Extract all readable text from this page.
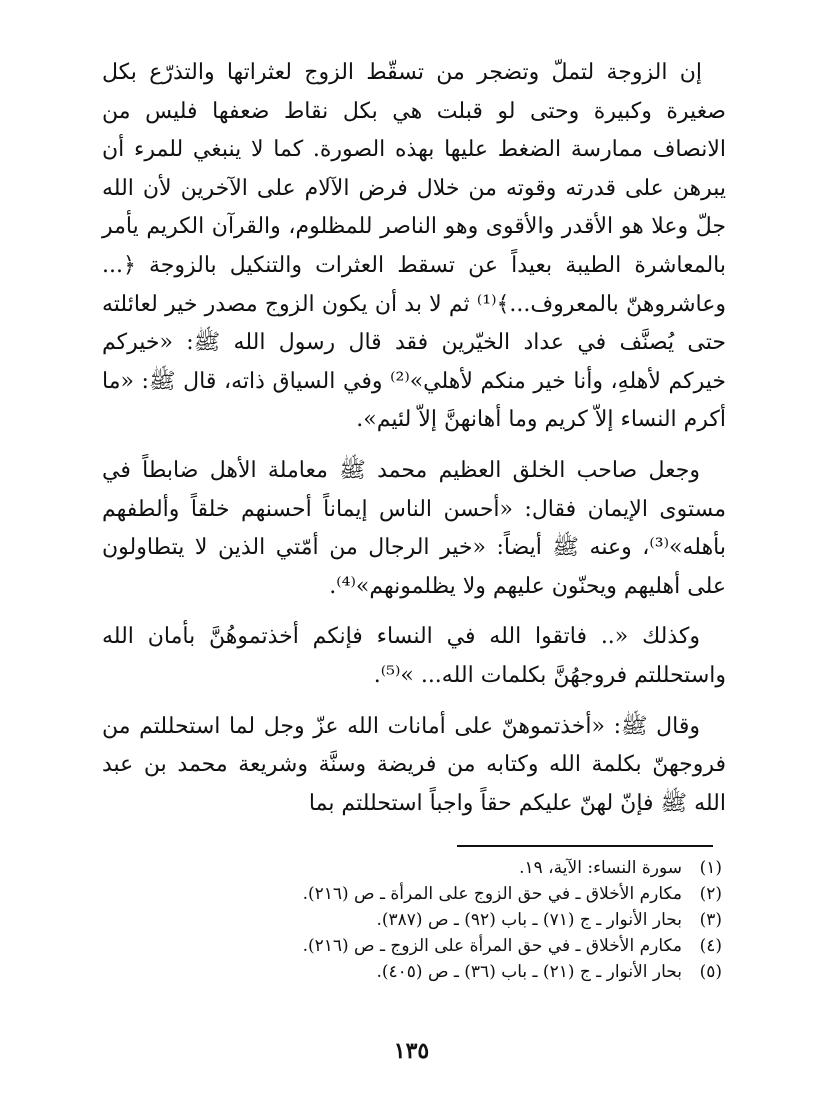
إن الزوجة لتملّ وتضجر من تسقّط الزوج لعثراتها والتذرّع بكل صغيرة وكبيرة وحتى لو قبلت هي بكل نقاط ضعفها فليس من الانصاف ممارسة الضغط عليها بهذه الصورة. كما لا ينبغي للمرء أن يبرهن على قدرته وقوته من خلال فرض الآلام على الآخرين لأن الله جلّ وعلا هو الأقدر والأقوى وهو الناصر للمظلوم، والقرآن الكريم يأمر بالمعاشرة الطيبة بعيداً عن تسقط العثرات والتنكيل بالزوجة ﴿... وعاشروهنّ بالمعروف...﴾⁽¹⁾ ثم لا بد أن يكون الزوج مصدر خير لعائلته حتى يُصنَّف في عداد الخيّرين فقد قال رسول الله ﷺ: «خيركم خيركم لأهلهِ، وأنا خير منكم لأهلي»⁽²⁾ وفي السياق ذاته، قال ﷺ: «ما أكرم النساء إلاّ كريم وما أهانهنَّ إلاّ لئيم».

وجعل صاحب الخلق العظيم محمد ﷺ معاملة الأهل ضابطاً في مستوى الإيمان فقال: «أحسن الناس إيماناً أحسنهم خلقاً وألطفهم بأهله»⁽³⁾، وعنه ﷺ أيضاً: «خير الرجال من أمّتي الذين لا يتطاولون على أهليهم ويحنّون عليهم ولا يظلمونهم»⁽⁴⁾.

وكذلك «.. فاتقوا الله في النساء فإنكم أخذتموهُنَّ بأمان الله واستحللتم فروجهُنَّ بكلمات الله... »⁽⁵⁾.

وقال ﷺ: «أخذتموهنّ على أمانات الله عزّ وجل لما استحللتم من فروجهنّ بكلمة الله وكتابه من فريضة وسنَّة وشريعة محمد بن عبد الله ﷺ فإنّ لهنّ عليكم حقاً واجباً استحللتم بما

(١)
سورة النساء: الآية، ١٩.
(٢)
مكارم الأخلاق ـ في حق الزوج على المرأة ـ ص (٢١٦).
(٣)
بحار الأنوار ـ ج (٧١) ـ باب (٩٢) ـ ص (٣٨٧).
(٤)
مكارم الأخلاق ـ في حق المرأة على الزوج ـ ص (٢١٦).
(٥)
بحار الأنوار ـ ج (٢١) ـ باب (٣٦) ـ ص (٤٠٥).
١٣٥
